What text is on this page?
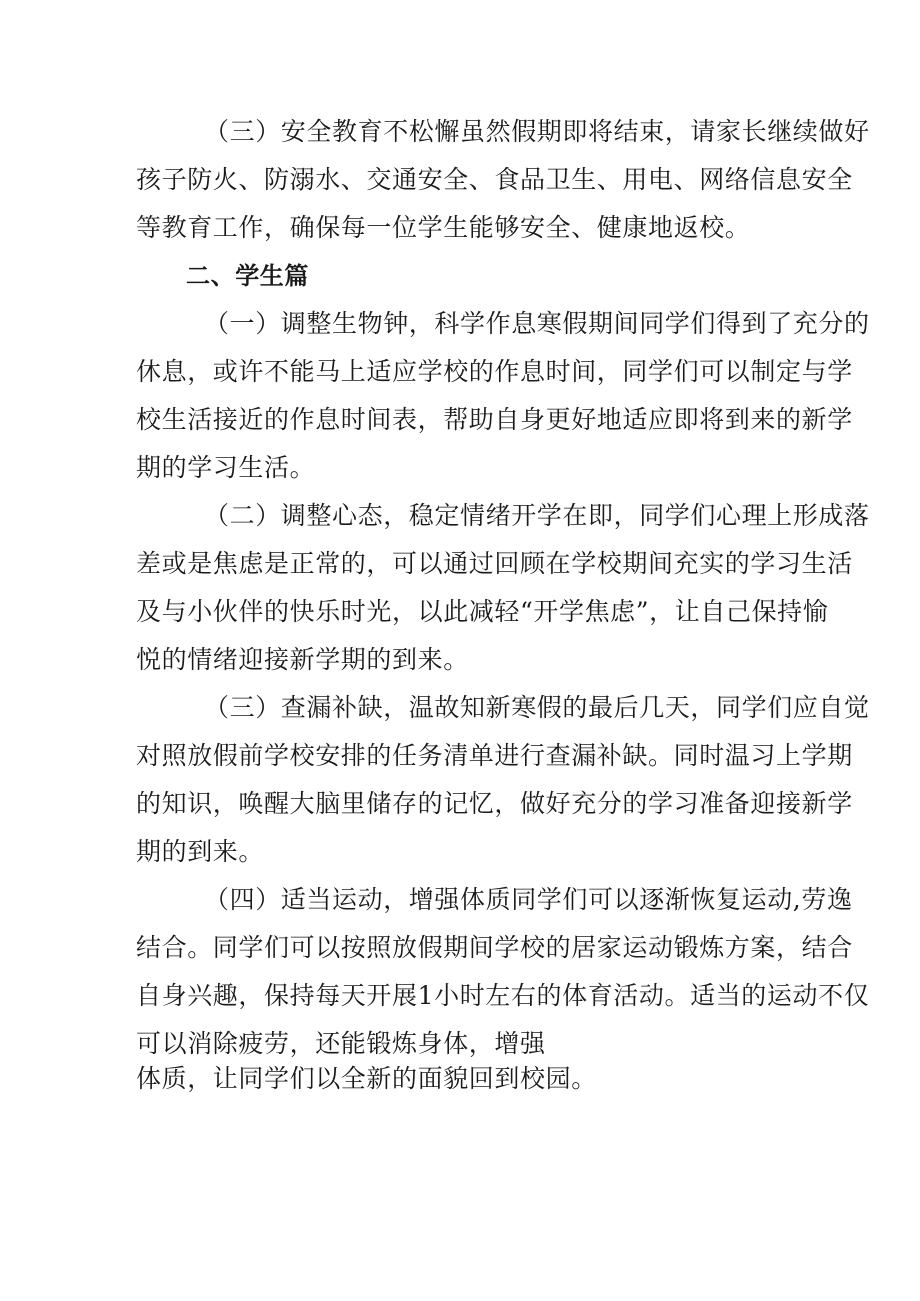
（三）安全教育不松懈虽然假期即将结束，请家长继续做好
孩子防火、防溺水、交通安全、食品卫生、用电、网络信息安全
等教育工作，确保每一位学生能够安全、健康地返校。
二、学生篇
（一）调整生物钟，科学作息寒假期间同学们得到了充分的
休息，或许不能马上适应学校的作息时间，同学们可以制定与学
校生活接近的作息时间表，帮助自身更好地适应即将到来的新学
期的学习生活。
（二）调整心态，稳定情绪开学在即，同学们心理上形成落
差或是焦虑是正常的，可以通过回顾在学校期间充实的学习生活
及与小伙伴的快乐时光，以此减轻“开学焦虑”，让自己保持愉
悦的情绪迎接新学期的到来。
（三）查漏补缺，温故知新寒假的最后几天，同学们应自觉
对照放假前学校安排的任务清单进行查漏补缺。同时温习上学期
的知识，唤醒大脑里储存的记忆，做好充分的学习准备迎接新学
期的到来。
（四）适当运动，增强体质同学们可以逐渐恢复运动,劳逸
结合。同学们可以按照放假期间学校的居家运动锻炼方案，结合
自身兴趣，保持每天开展1小时左右的体育活动。适当的运动不仅
可以消除疲劳，还能锻炼身体，增强
体质，让同学们以全新的面貌回到校园。
